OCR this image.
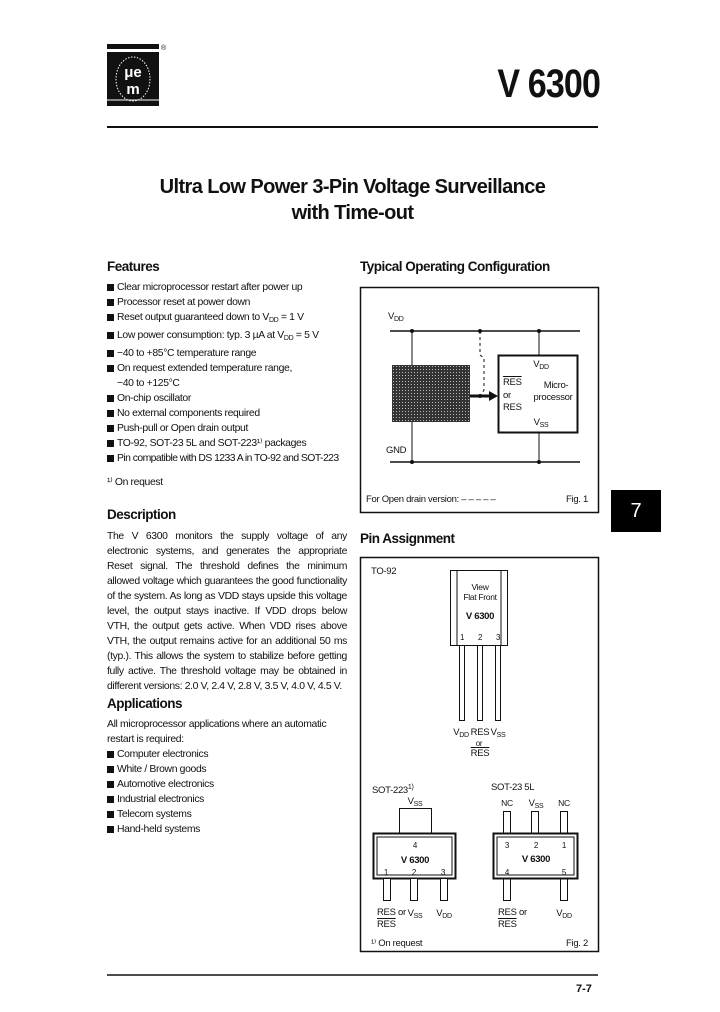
®
μe
m	V 6300
Ultra Low Power 3-Pin Voltage Surveillance
with Time-out
Features
Clear microprocessor restart after power up
Processor reset at power down
Reset output guaranteed down to $V_{DD} = 1$ V
Low power consumption: typ. 3 µA at $V_{DD} = 5$ V
−40 to +85°C temperature range
On request extended temperature range, −40 to +125°C
On-chip oscillator
No external components required
Push-pull or Open drain output
TO-92, SOT-23 5L and SOT-223¹⁾ packages
Pin compatible with DS 1233 A in TO-92 and SOT-223
¹⁾ On request
Description
The V 6300 monitors the supply voltage of any electronic systems, and generates the appropriate Reset signal. The threshold defines the minimum allowed voltage which guarantees the good functionality of the system. As long as VDD stays upside this voltage level, the output stays inactive. If VDD drops below VTH, the output gets active. When VDD rises above VTH, the output remains active for an additional 50 ms (typ.). This allows the system to stabilize before getting fully active. The threshold voltage may be obtained in different versions: 2.0 V, 2.4 V, 2.8 V, 3.5 V, 4.0 V, 4.5 V.
Applications
All microprocessor applications where an automatic restart is required:
Computer electronics
White / Brown goods
Automotive electronics
Industrial electronics
Telecom systems
Hand-held systems
Typical Operating Configuration
$V_{DD}$
GND
$V_{DD}$
$V_{SS}$
$\overline{RES}$
or
RES
Micro-
processor
For Open drain version: – – – – –	Fig. 1
Pin Assignment
TO-92
View
Flat Front
V 6300
1 2 3
$V_{DD}$ RES
or
$\overline{RES}$
$V_{SS}$
SOT-223$^{1)}$
$V_{SS}$
4
V 6300
1	2	3
RES or
$\overline{RES}$
$V_{SS}$ $V_{DD}$
SOT-23 5L
NC $V_{SS}$ NC
3	2	1
V 6300
4	5
RES or
$\overline{RES}$
$V_{DD}$
¹⁾ On request	Fig. 2
7
7-7
